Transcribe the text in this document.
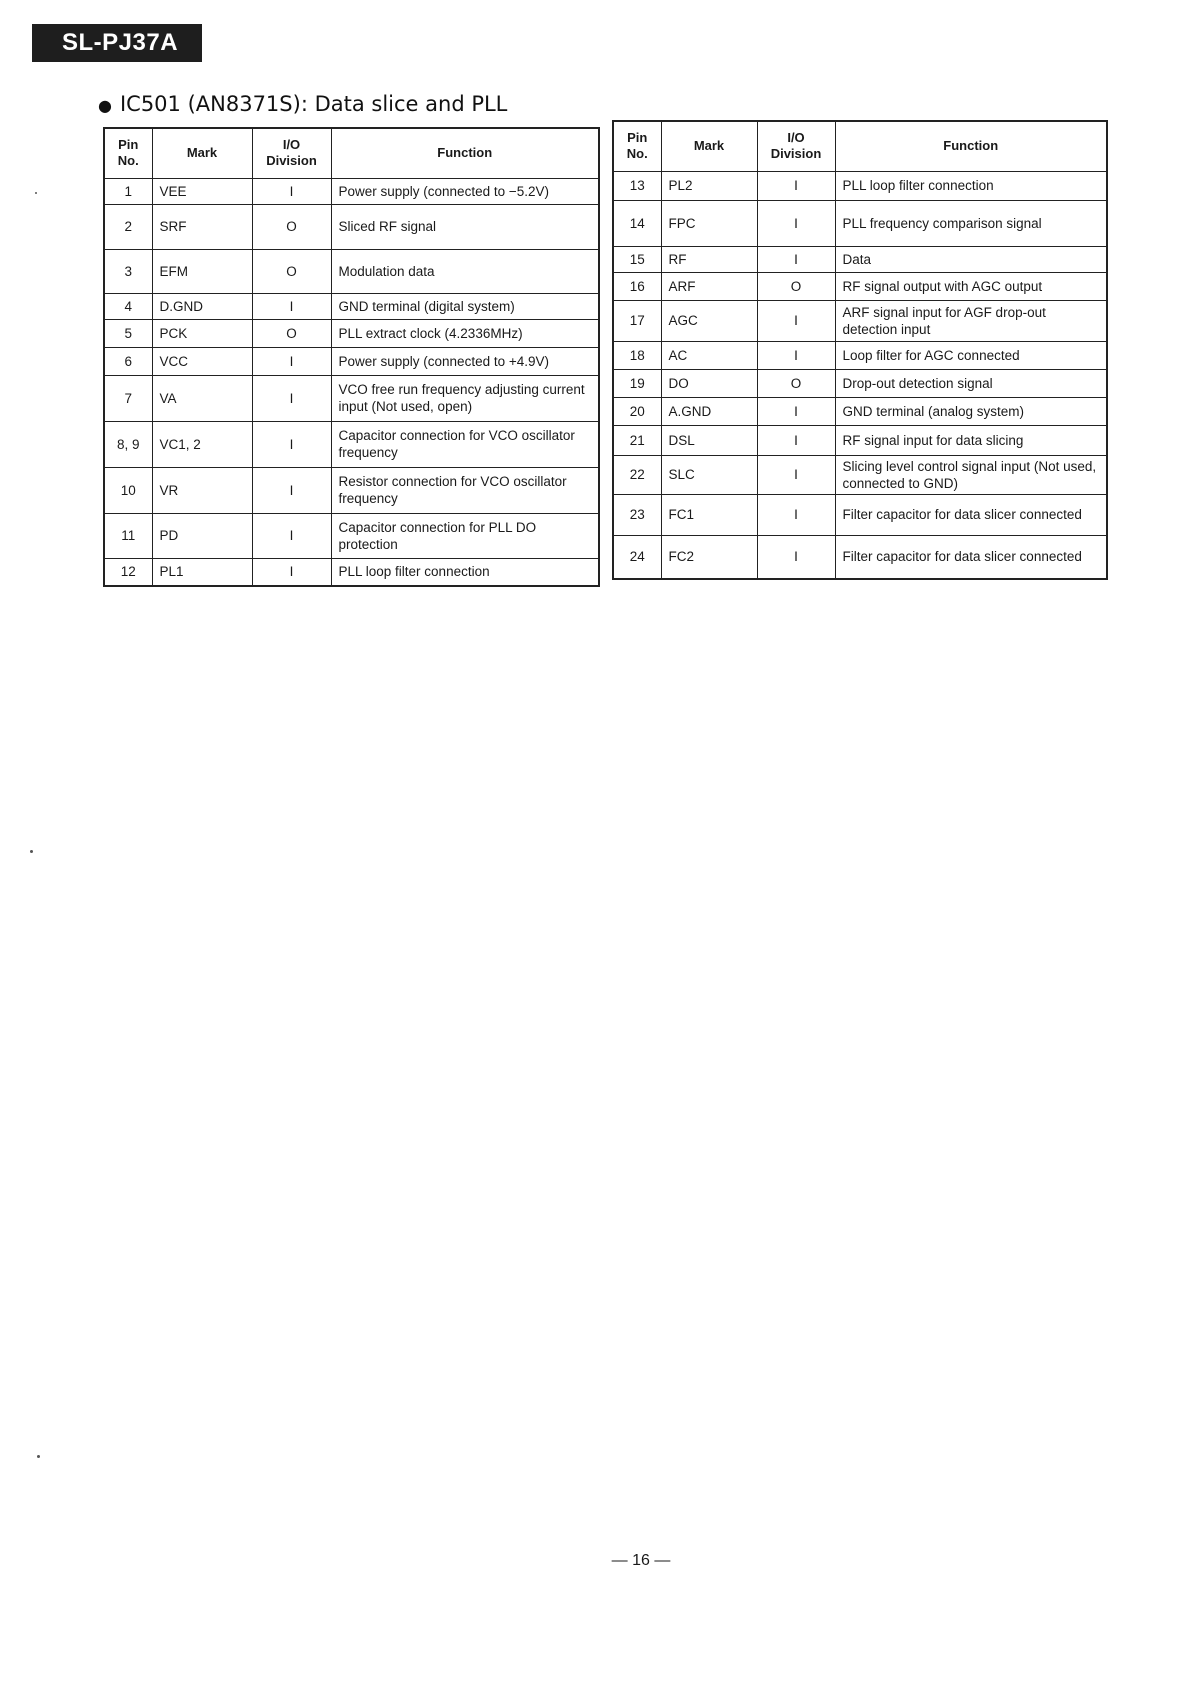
SL-PJ37A
● IC501 (AN8371S): Data slice and PLL
Pin No.	Mark	I/O Division	Function
1	VEE	I	Power supply (connected to −5.2V)
2	SRF	O	Sliced RF signal
3	EFM	O	Modulation data
4	D.GND	I	GND terminal (digital system)
5	PCK	O	PLL extract clock (4.2336MHz)
6	VCC	I	Power supply (connected to +4.9V)
7	VA	I	VCO free run frequency adjusting current input (Not used, open)
8, 9	VC1, 2	I	Capacitor connection for VCO oscillator frequency
10	VR	I	Resistor connection for VCO oscillator frequency
11	PD	I	Capacitor connection for PLL DO protection
12	PL1	I	PLL loop filter connection
Pin No.	Mark	I/O Division	Function
13	PL2	I	PLL loop filter connection
14	FPC	I	PLL frequency comparison signal
15	RF	I	Data
16	ARF	O	RF signal output with AGC output
17	AGC	I	ARF signal input for AGF drop-out detection input
18	AC	I	Loop filter for AGC connected
19	DO	O	Drop-out detection signal
20	A.GND	I	GND terminal (analog system)
21	DSL	I	RF signal input for data slicing
22	SLC	I	Slicing level control signal input (Not used, connected to GND)
23	FC1	I	Filter capacitor for data slicer connected
24	FC2	I	Filter capacitor for data slicer connected
— 16 —
